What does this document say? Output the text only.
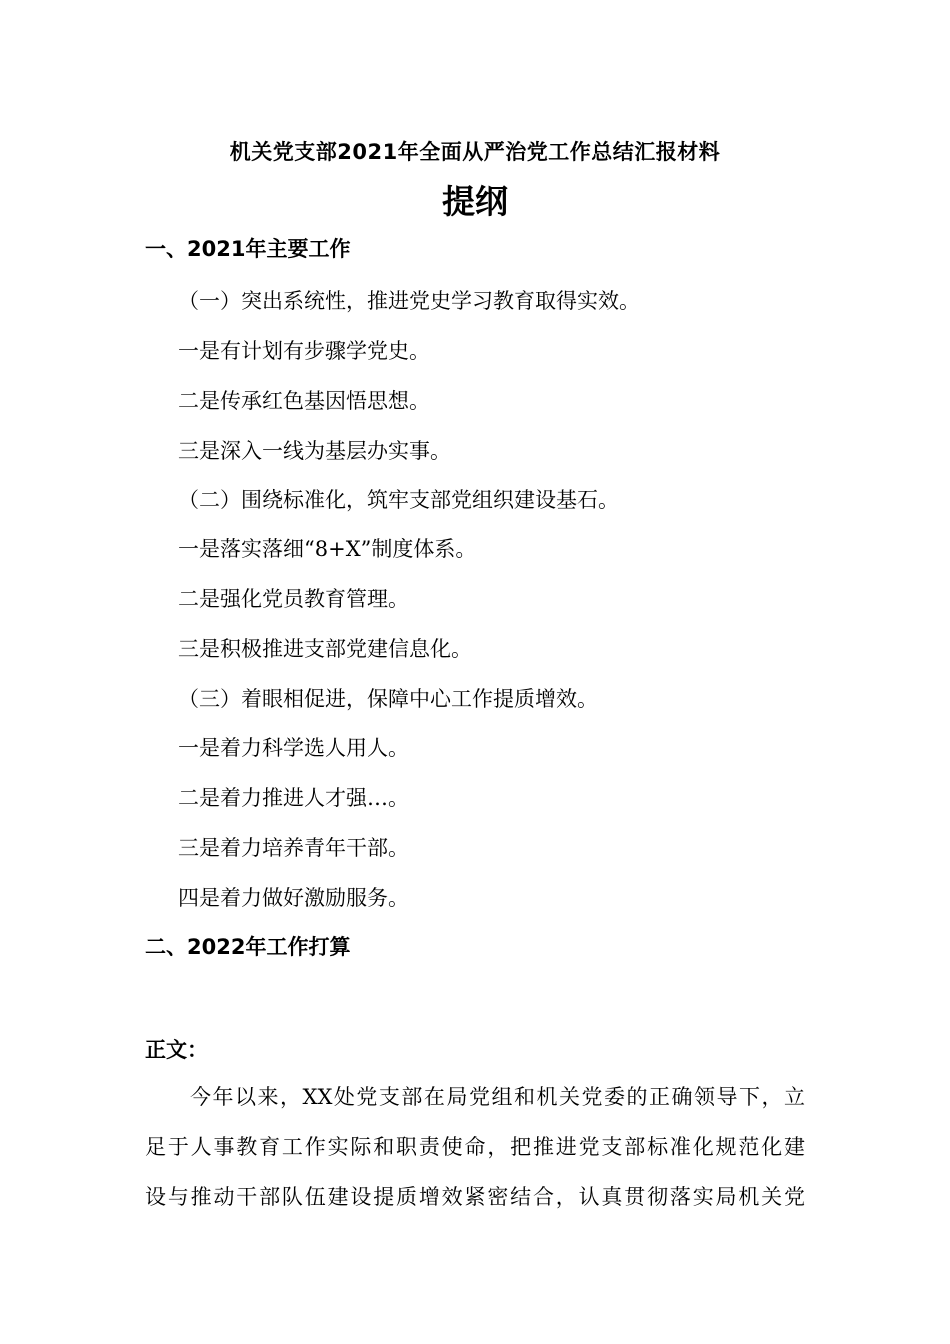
机关党支部2021年全面从严治党工作总结汇报材料
提纲
一、2021年主要工作
（一）突出系统性，推进党史学习教育取得实效。
一是有计划有步骤学党史。
二是传承红色基因悟思想。
三是深入一线为基层办实事。
（二）围绕标准化，筑牢支部党组织建设基石。
一是落实落细“8+X”制度体系。
二是强化党员教育管理。
三是积极推进支部党建信息化。
（三）着眼相促进，保障中心工作提质增效。
一是着力科学选人用人。
二是着力推进人才强…。
三是着力培养青年干部。
四是着力做好激励服务。
二、2022年工作打算
正文：
今年以来，XX处党支部在局党组和机关党委的正确领导下，立
足于人事教育工作实际和职责使命，把推进党支部标准化规范化建
设与推动干部队伍建设提质增效紧密结合，认真贯彻落实局机关党
